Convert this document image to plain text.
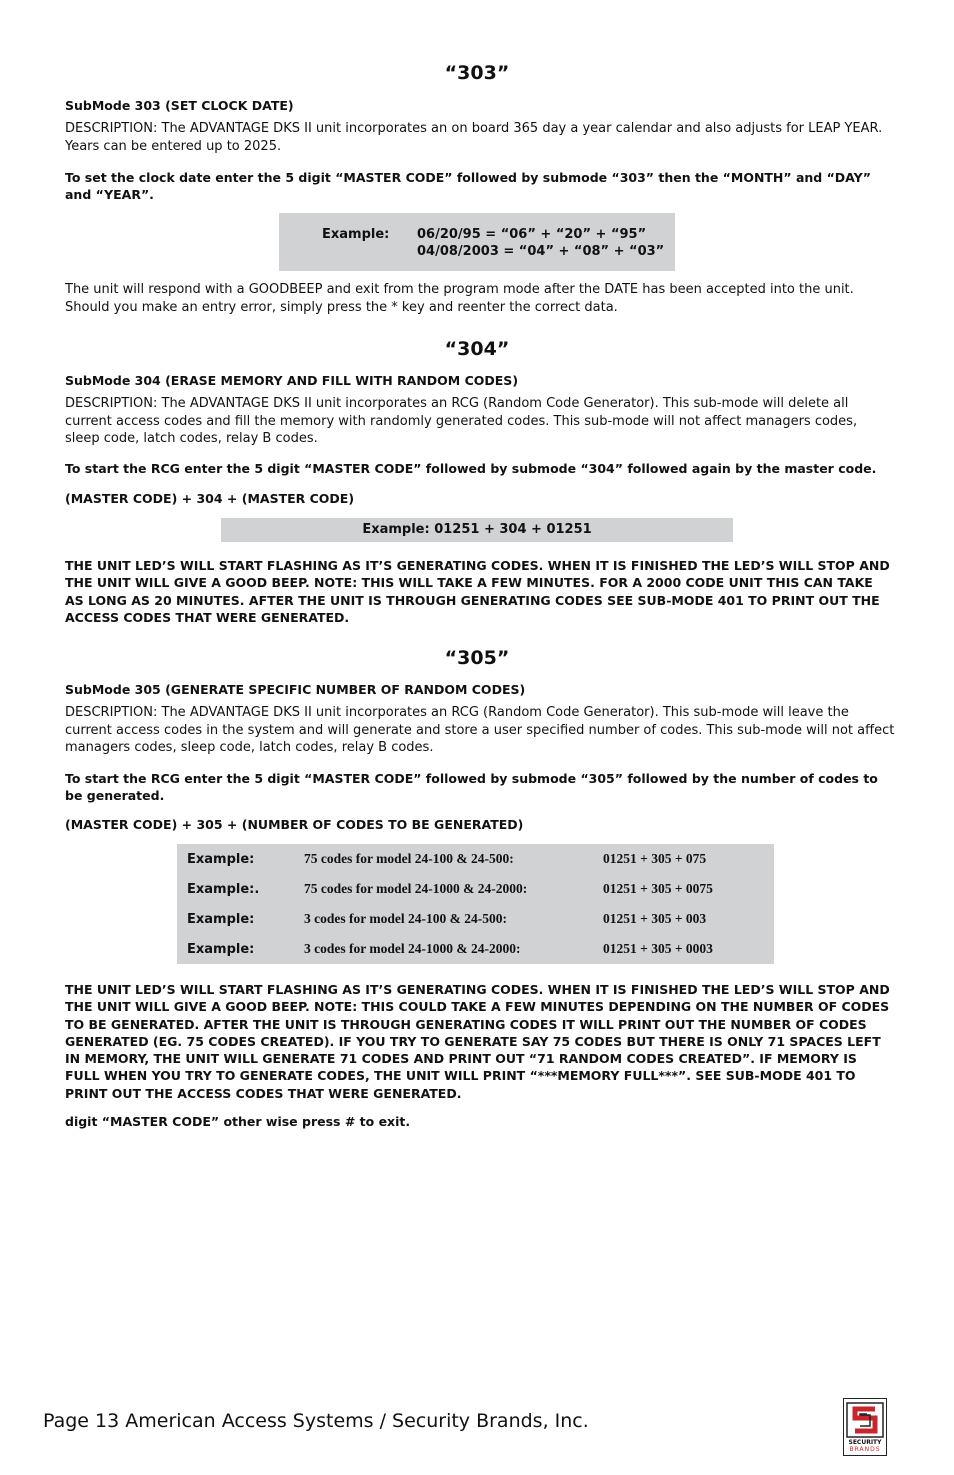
“303”
SubMode 303 (SET CLOCK DATE)
DESCRIPTION: The ADVANTAGE DKS II unit incorporates an on board 365 day a year calendar and also adjusts for LEAP YEAR. Years can be entered up to 2025.
To set the clock date enter the 5 digit “MASTER CODE” followed by submode “303” then the “MONTH” and “DAY” and “YEAR”.
Example: 06/20/95 = “06” + “20” + “95”
04/08/2003 = “04” + “08” + “03”
The unit will respond with a GOODBEEP and exit from the program mode after the DATE has been accepted into the unit. Should you make an entry error, simply press the * key and reenter the correct data.
“304”
SubMode 304 (ERASE MEMORY AND FILL WITH RANDOM CODES)
DESCRIPTION: The ADVANTAGE DKS II unit incorporates an RCG (Random Code Generator). This sub-mode will delete all current access codes and fill the memory with randomly generated codes. This sub-mode will not affect managers codes, sleep code, latch codes, relay B codes.
To start the RCG enter the 5 digit “MASTER CODE” followed by submode “304” followed again by the master code.
(MASTER CODE) + 304 + (MASTER CODE)
Example: 01251 + 304 + 01251
THE UNIT LED’S WILL START FLASHING AS IT’S GENERATING CODES. WHEN IT IS FINISHED THE LED’S WILL STOP AND THE UNIT WILL GIVE A GOOD BEEP. NOTE: THIS WILL TAKE A FEW MINUTES. FOR A 2000 CODE UNIT THIS CAN TAKE AS LONG AS 20 MINUTES. AFTER THE UNIT IS THROUGH GENERATING CODES SEE SUB-MODE 401 TO PRINT OUT THE ACCESS CODES THAT WERE GENERATED.
“305”
SubMode 305 (GENERATE SPECIFIC NUMBER OF RANDOM CODES)
DESCRIPTION: The ADVANTAGE DKS II unit incorporates an RCG (Random Code Generator). This sub-mode will leave the current access codes in the system and will generate and store a user specified number of codes. This sub-mode will not affect managers codes, sleep code, latch codes, relay B codes.
To start the RCG enter the 5 digit “MASTER CODE” followed by submode “305” followed by the number of codes to be generated.
(MASTER CODE) + 305 + (NUMBER OF CODES TO BE GENERATED)
Example:	75 codes for model 24-100 & 24-500:	01251 + 305 + 075
Example:.	75 codes for model 24-1000 & 24-2000:	01251 + 305 + 0075
Example:	3 codes for model 24-100 & 24-500:	01251 + 305 + 003
Example:	3 codes for model 24-1000 & 24-2000:	01251 + 305 + 0003
THE UNIT LED’S WILL START FLASHING AS IT’S GENERATING CODES. WHEN IT IS FINISHED THE LED’S WILL STOP AND THE UNIT WILL GIVE A GOOD BEEP. NOTE: THIS COULD TAKE A FEW MINUTES DEPENDING ON THE NUMBER OF CODES TO BE GENERATED. AFTER THE UNIT IS THROUGH GENERATING CODES IT WILL PRINT OUT THE NUMBER OF CODES GENERATED (EG. 75 CODES CREATED). IF YOU TRY TO GENERATE SAY 75 CODES BUT THERE IS ONLY 71 SPACES LEFT IN MEMORY, THE UNIT WILL GENERATE 71 CODES AND PRINT OUT “71 RANDOM CODES CREATED”. IF MEMORY IS FULL WHEN YOU TRY TO GENERATE CODES, THE UNIT WILL PRINT “***MEMORY FULL***”. SEE SUB-MODE 401 TO PRINT OUT THE ACCESS CODES THAT WERE GENERATED.
digit “MASTER CODE” other wise press # to exit.
Page 13 American Access Systems / Security Brands, Inc.
SECURITY
BRANDS
